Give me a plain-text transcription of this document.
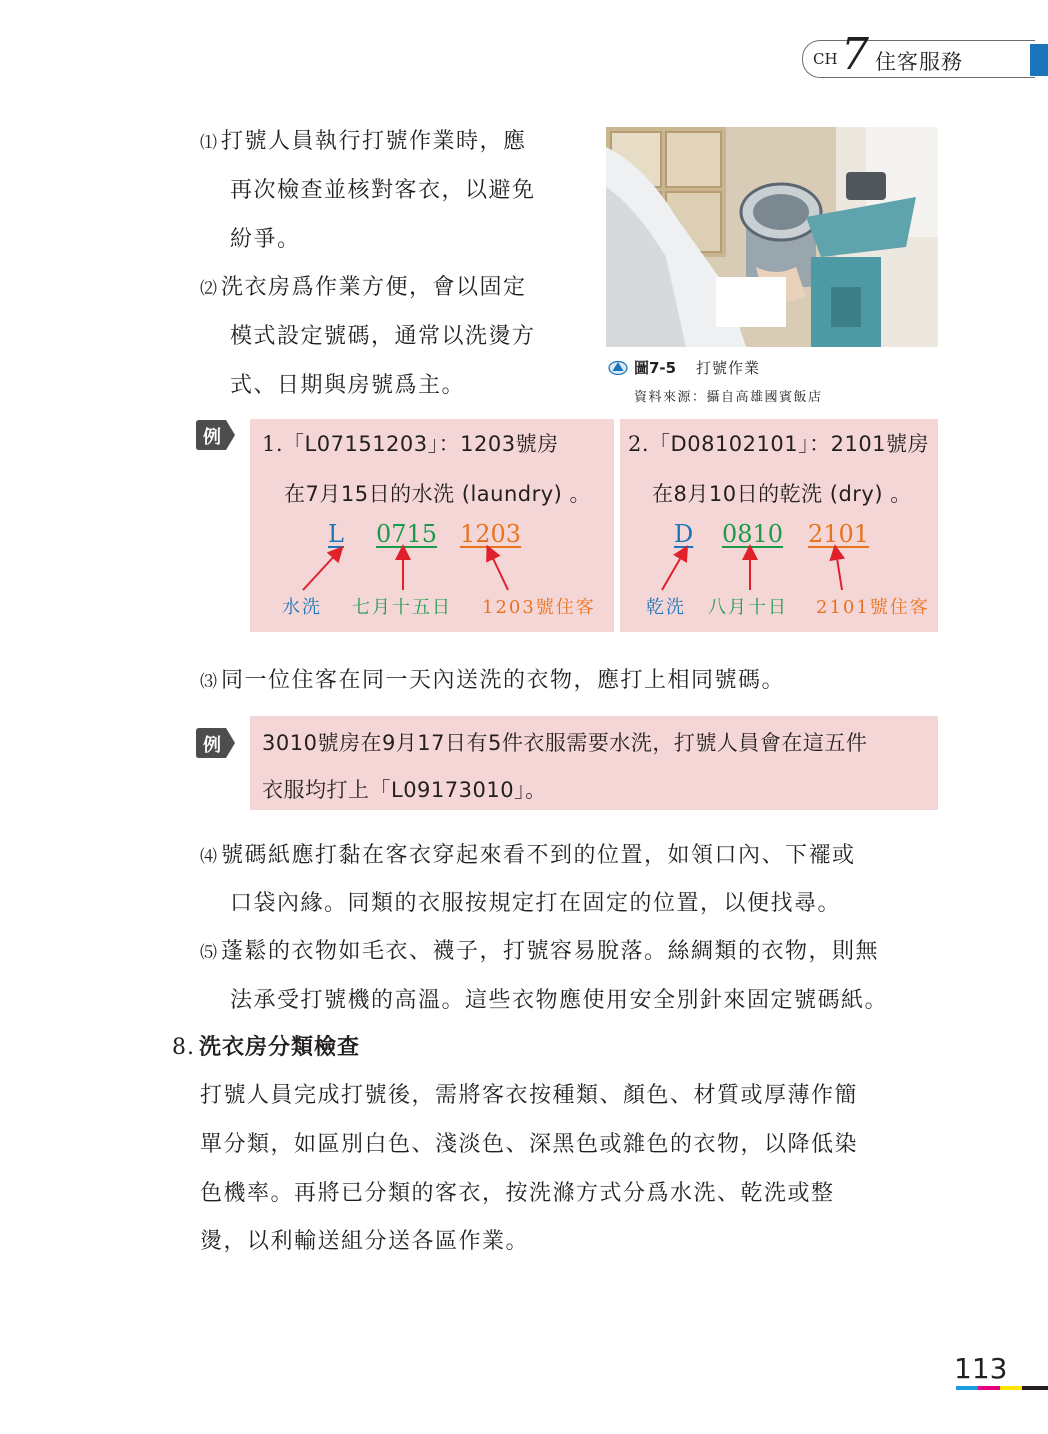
CH 7 住客服務
⑴ 打號人員執行打號作業時，應
再次檢查並核對客衣，以避免
紛爭。
⑵ 洗衣房爲作業方便，會以固定
模式設定號碼，通常以洗燙方
式、日期與房號爲主。
圖7-5 打號作業
資料來源：攝自高雄國賓飯店
例 1.「L07151203」：1203號房
在7月15日的水洗 (laundry) 。
L 0715 1203
水洗 七月十五日 1203號住客
2.「D08102101」：2101號房
在8月10日的乾洗 (dry) 。
D 0810 2101
乾洗 八月十日 2101號住客
⑶ 同一位住客在同一天內送洗的衣物，應打上相同號碼。
例 3010號房在9月17日有5件衣服需要水洗，打號人員會在這五件
衣服均打上「L09173010」。
⑷ 號碼紙應打黏在客衣穿起來看不到的位置，如領口內、下襬或
口袋內緣。同類的衣服按規定打在固定的位置，以便找尋。
⑸ 蓬鬆的衣物如毛衣、襪子，打號容易脫落。絲綢類的衣物，則無
法承受打號機的高溫。這些衣物應使用安全別針來固定號碼紙。
8. 洗衣房分類檢查
打號人員完成打號後，需將客衣按種類、顏色、材質或厚薄作簡
單分類，如區別白色、淺淡色、深黑色或雜色的衣物，以降低染
色機率。再將已分類的客衣，按洗滌方式分爲水洗、乾洗或整
燙，以利輸送組分送各區作業。
113
